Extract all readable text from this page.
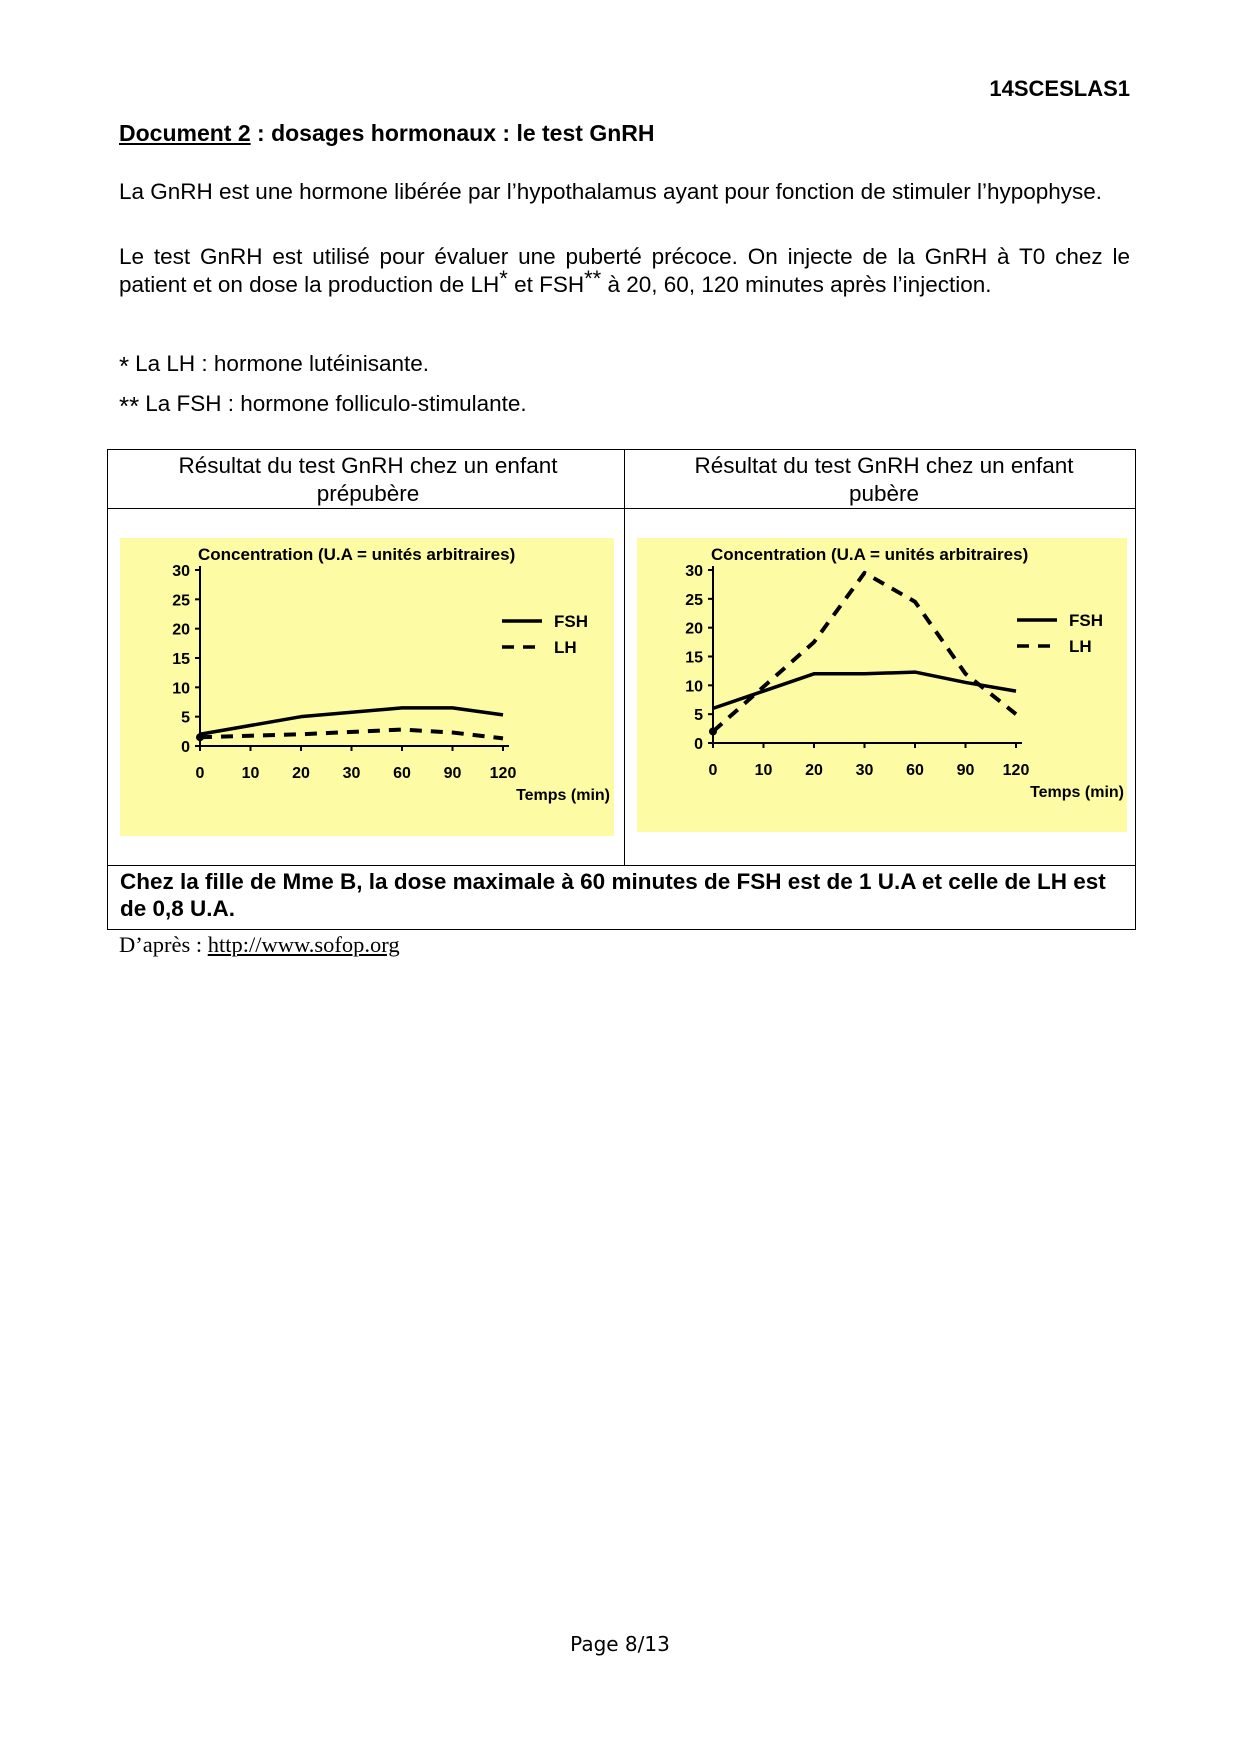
14SCESLAS1
Document 2 : dosages hormonaux : le test GnRH
La GnRH est une hormone libérée par l’hypothalamus ayant pour fonction de stimuler l’hypophyse.
Le test GnRH est utilisé pour évaluer une puberté précoce. On injecte de la GnRH à T0 chez le patient et on dose la production de LH* et FSH** à 20, 60, 120 minutes après l’injection.
* La LH : hormone lutéinisante.
** La FSH : hormone folliculo-stimulante.
Résultat du test GnRH chez un enfant prépubère
Résultat du test GnRH chez un enfant pubère
Concentration (U.A = unités arbitraires)
0
5
10
15
20
25
30
0 10 20 30 60 90 120
Temps (min)
FSH
LH
Concentration (U.A = unités arbitraires)
0
5
10
15
20
25
30
0 10 20 30 60 90 120
Temps (min)
FSH
LH
Chez la fille de Mme B, la dose maximale à 60 minutes de FSH est de 1 U.A et celle de LH est de 0,8 U.A.
D’après : http://www.sofop.org
Page 8/13
